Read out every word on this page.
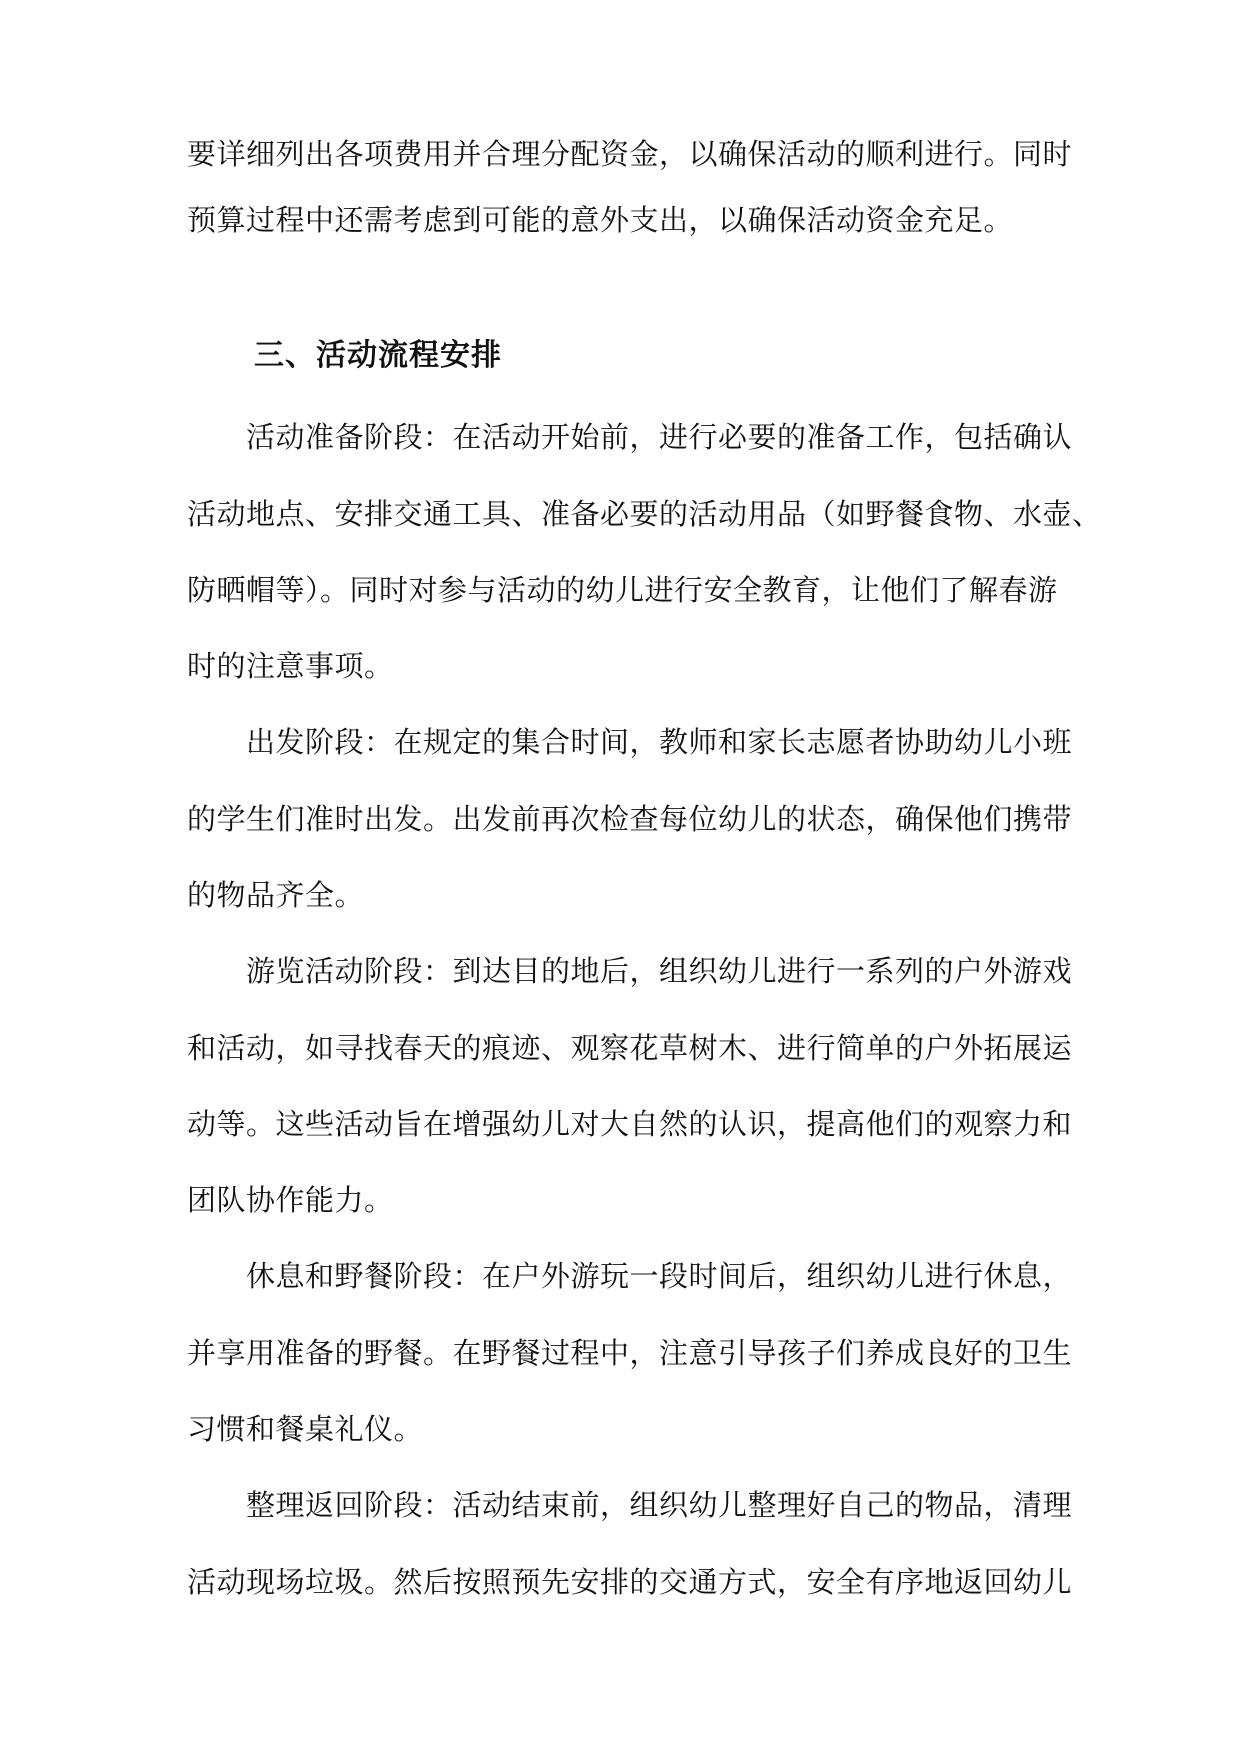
要详细列出各项费用并合理分配资金，以确保活动的顺利进行。同时
预算过程中还需考虑到可能的意外支出，以确保活动资金充足。
三、活动流程安排
活动准备阶段：在活动开始前，进行必要的准备工作，包括确认
活动地点、安排交通工具、准备必要的活动用品（如野餐食物、水壶、
防晒帽等）。同时对参与活动的幼儿进行安全教育，让他们了解春游
时的注意事项。
出发阶段：在规定的集合时间，教师和家长志愿者协助幼儿小班
的学生们准时出发。出发前再次检查每位幼儿的状态，确保他们携带
的物品齐全。
游览活动阶段：到达目的地后，组织幼儿进行一系列的户外游戏
和活动，如寻找春天的痕迹、观察花草树木、进行简单的户外拓展运
动等。这些活动旨在增强幼儿对大自然的认识，提高他们的观察力和
团队协作能力。
休息和野餐阶段：在户外游玩一段时间后，组织幼儿进行休息，
并享用准备的野餐。在野餐过程中，注意引导孩子们养成良好的卫生
习惯和餐桌礼仪。
整理返回阶段：活动结束前，组织幼儿整理好自己的物品，清理
活动现场垃圾。然后按照预先安排的交通方式，安全有序地返回幼儿
